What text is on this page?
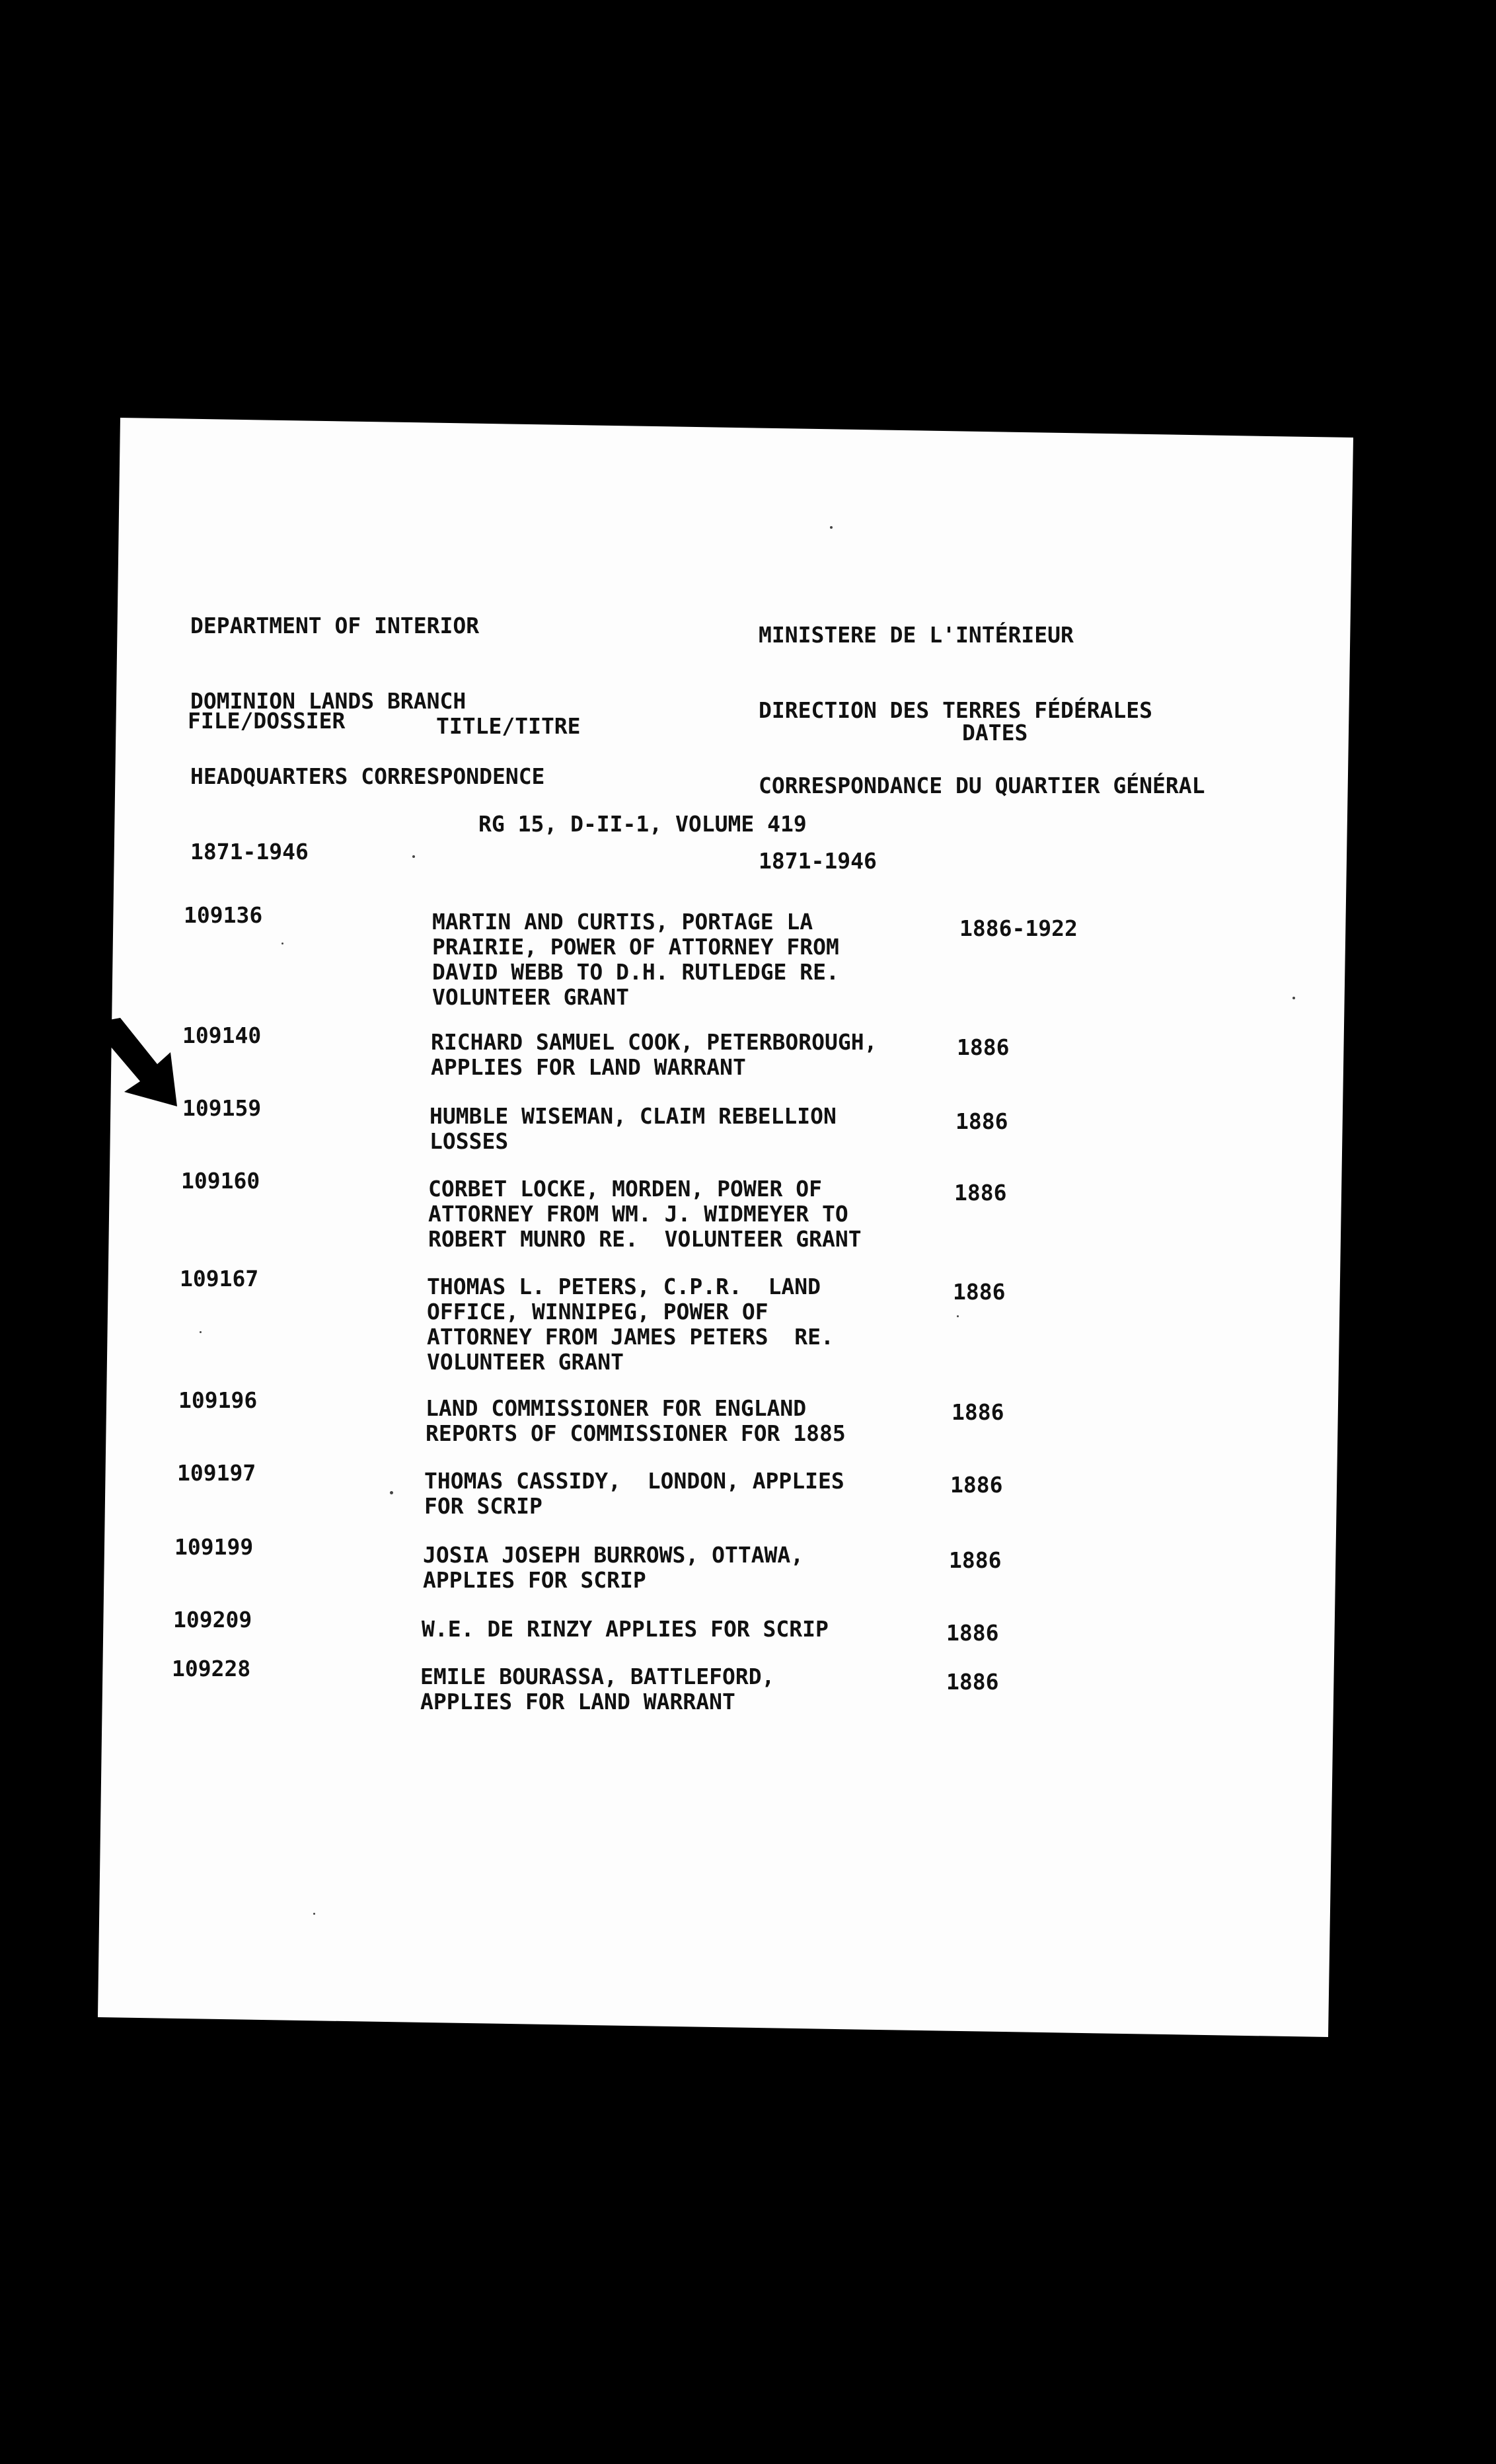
DEPARTMENT OF INTERIOR

DOMINION LANDS BRANCH

HEADQUARTERS CORRESPONDENCE

1871-1946

MINISTERE DE L'INTÉRIEUR

DIRECTION DES TERRES FÉDÉRALES

CORRESPONDANCE DU QUARTIER GÉNÉRAL

1871-1946

FILE/DOSSIER	TITLE/TITRE	DATES
RG 15, D-II-1, VOLUME 419
109136	MARTIN AND CURTIS, PORTAGE LA
PRAIRIE, POWER OF ATTORNEY FROM
DAVID WEBB TO D.H. RUTLEDGE RE.
VOLUNTEER GRANT
1886-1922
109140	RICHARD SAMUEL COOK, PETERBOROUGH,
APPLIES FOR LAND WARRANT
1886
109159	HUMBLE WISEMAN, CLAIM REBELLION
LOSSES
1886
109160	CORBET LOCKE, MORDEN, POWER OF
ATTORNEY FROM WM. J. WIDMEYER TO
ROBERT MUNRO RE.  VOLUNTEER GRANT
1886
109167	THOMAS L. PETERS, C.P.R.  LAND
OFFICE, WINNIPEG, POWER OF
ATTORNEY FROM JAMES PETERS  RE.
VOLUNTEER GRANT
1886
109196	LAND COMMISSIONER FOR ENGLAND
REPORTS OF COMMISSIONER FOR 1885
1886
109197	THOMAS CASSIDY,  LONDON, APPLIES
FOR SCRIP
1886
109199	JOSIA JOSEPH BURROWS, OTTAWA,
APPLIES FOR SCRIP
1886
109209	W.E. DE RINZY APPLIES FOR SCRIP	1886
109228	EMILE BOURASSA, BATTLEFORD,
APPLIES FOR LAND WARRANT
1886
